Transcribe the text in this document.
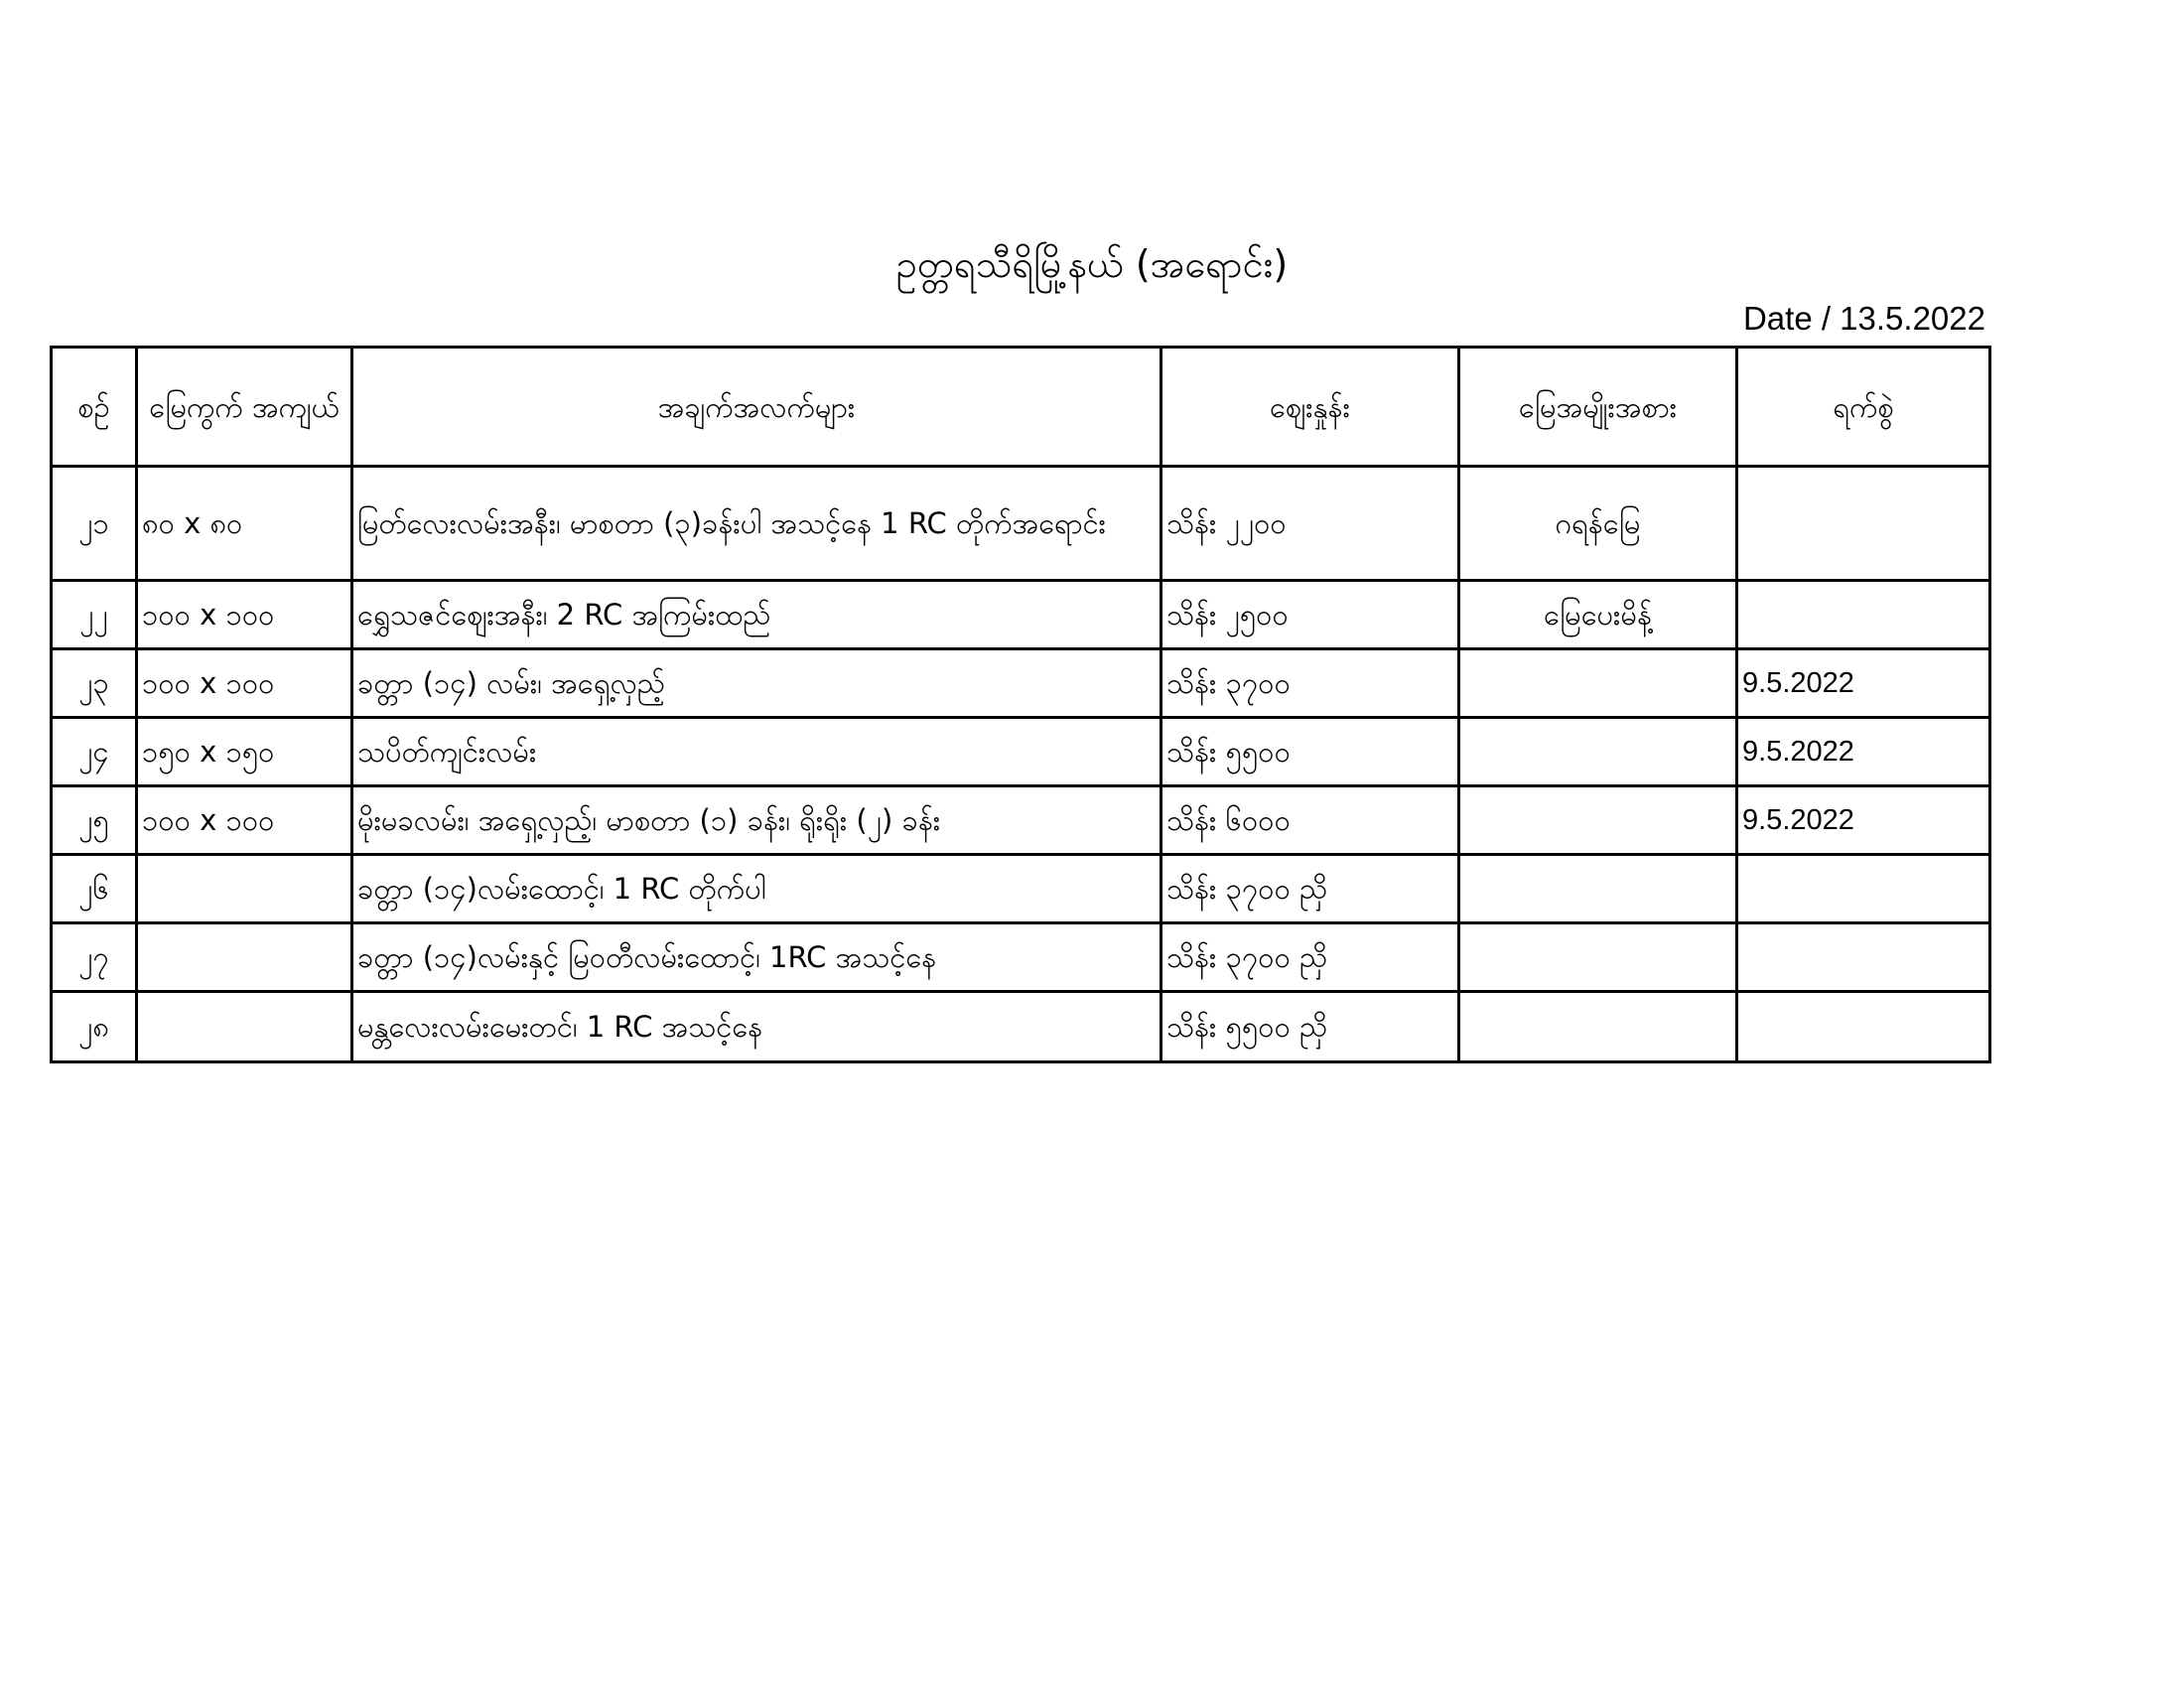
ဥတ္တရသီရိမြို့နယ် (အရောင်း)
Date / 13.5.2022
စဉ်	မြေကွက် အကျယ်	အချက်အလက်များ	ဈေးနှုန်း	မြေအမျိုးအစား	ရက်စွဲ
၂၁	၈၀ x ၈၀	မြတ်လေးလမ်းအနီး၊ မာစတာ (၃)ခန်းပါ အသင့်နေ 1 RC တိုက်အရောင်း	သိန်း ၂၂၀၀	ဂရန်မြေ	
၂၂	၁၀၀ x ၁၀၀	ရွှေသဇင်ဈေးအနီး၊ 2 RC အကြမ်းထည်	သိန်း ၂၅၀၀	မြေပေးမိန့်	
၂၃	၁၀၀ x ၁၀၀	ခတ္တာ (၁၄) လမ်း၊ အရှေ့လှည့်	သိန်း ၃၇၀၀		9.5.2022
၂၄	၁၅၀ x ၁၅၀	သပိတ်ကျင်းလမ်း	သိန်း ၅၅၀၀		9.5.2022
၂၅	၁၀၀ x ၁၀၀	မိုးမခလမ်း၊ အရှေ့လှည့်၊ မာစတာ (၁) ခန်း၊ ရိုးရိုး (၂) ခန်း	သိန်း ၆၀၀၀		9.5.2022
၂၆		ခတ္တာ (၁၄)လမ်းထောင့်၊ 1 RC တိုက်ပါ	သိန်း ၃၇၀၀ ညှိ		
၂၇		ခတ္တာ (၁၄)လမ်းနှင့် မြဝတီလမ်းထောင့်၊ 1RC အသင့်နေ	သိန်း ၃၇၀၀ ညှိ		
၂၈		မန္တလေးလမ်းမေးတင်၊ 1 RC အသင့်နေ	သိန်း ၅၅၀၀ ညှိ		
